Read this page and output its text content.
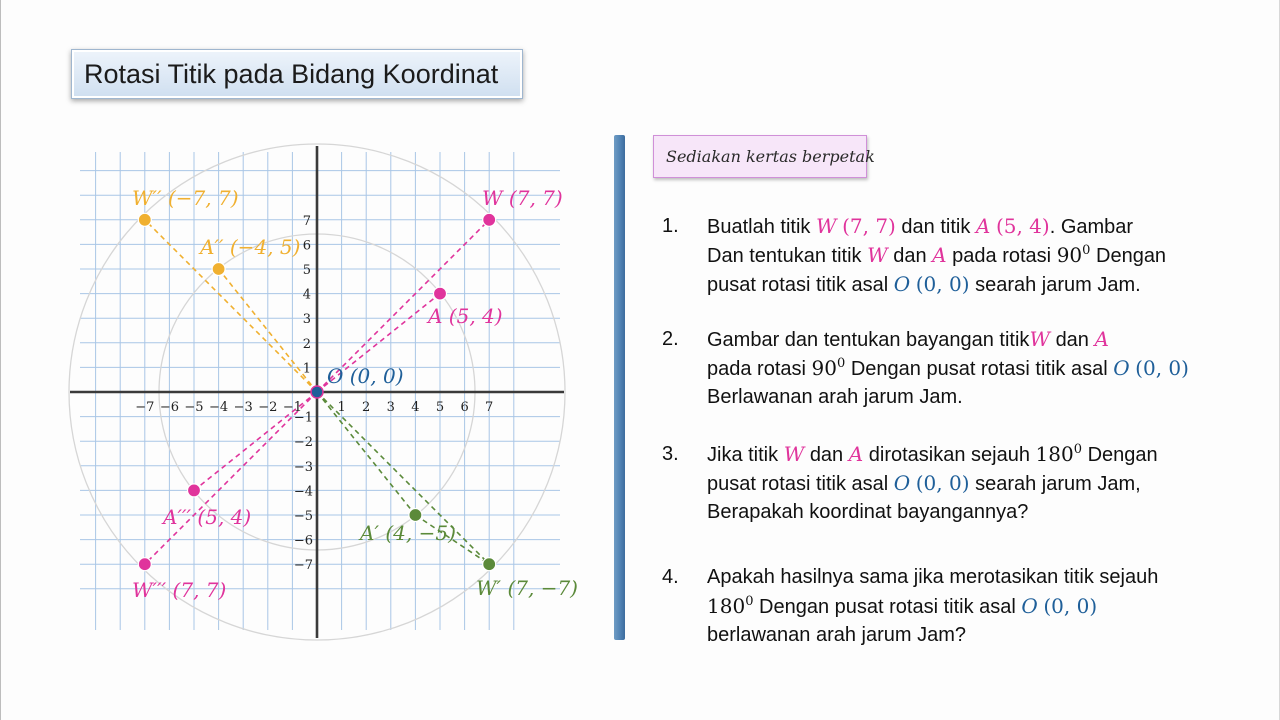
Rotasi Titik pada Bidang Koordinat
−7 −6 −5 −4 −3 −2 −1	1 2 3 4 5 6 7
1
2
3
4
5
6
7
−1
−2
−3
−4
−5
−6
−7
O (0, 0)
W (7, 7)
A (5, 4)
W′ (7, −7)
A′ (4, −5)
W′′ (−7, 7)
A′′ (−4, 5)
W′′′ (7, 7)
A′′′ (5, 4)
Sediakan kertas berpetak
1. Buatlah titik W (7, 7) dan titik A (5, 4). Gambar
Dan tentukan titik W dan A pada rotasi $90^0$ Dengan
pusat rotasi titik asal O (0, 0) searah jarum Jam.
2. Gambar dan tentukan bayangan titikW dan A
pada rotasi $90^0$ Dengan pusat rotasi titik asal O (0, 0)
Berlawanan arah jarum Jam.
3. Jika titik W dan A dirotasikan sejauh $180^0$ Dengan
pusat rotasi titik asal O (0, 0) searah jarum Jam,
Berapakah koordinat bayangannya?
4. Apakah hasilnya sama jika merotasikan titik sejauh
$180^0$ Dengan pusat rotasi titik asal O (0, 0)
berlawanan arah jarum Jam?
